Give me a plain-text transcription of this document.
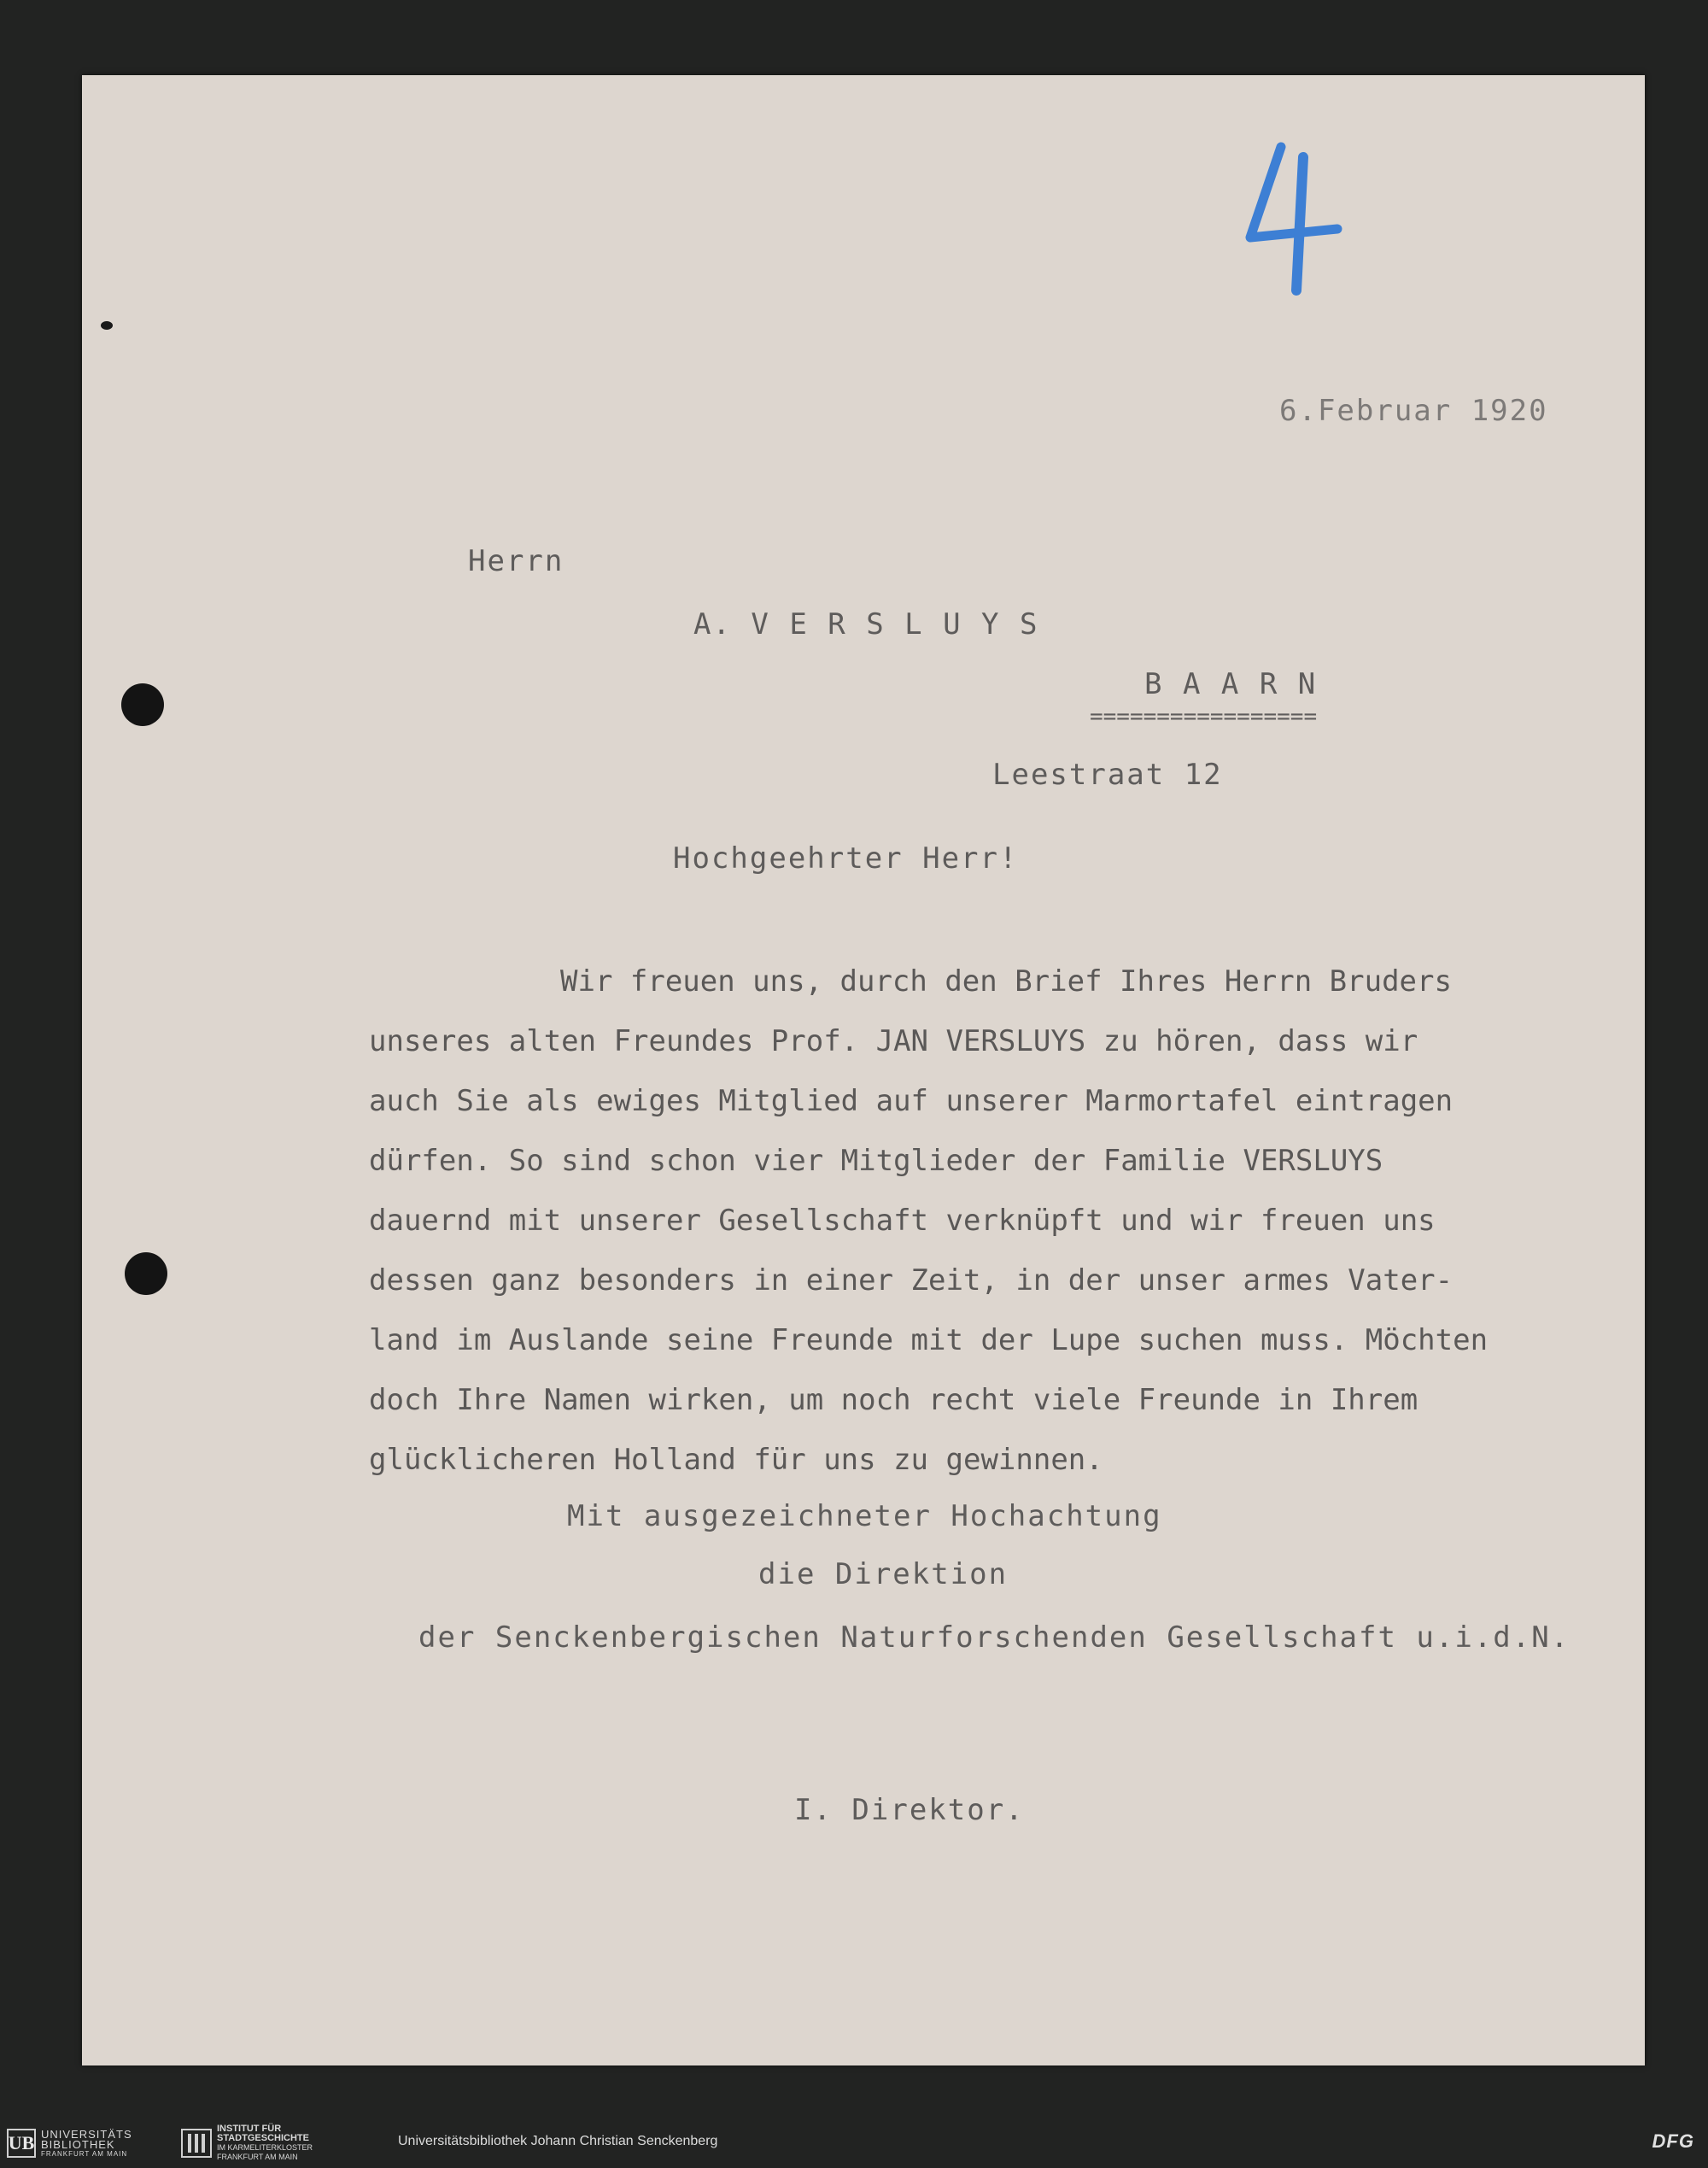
6.Februar 1920

Herrn

A. V E R S L U Y S

B A A R N

=================

Leestraat 12

Hochgeehrter Herr!

Wir freuen uns, durch den Brief Ihres Herrn Bruders

unseres alten Freundes Prof. JAN VERSLUYS zu hören, dass wir

auch Sie als ewiges Mitglied auf unserer Marmortafel eintragen

dürfen. So sind schon vier Mitglieder der Familie VERSLUYS

dauernd mit unserer Gesellschaft verknüpft und wir freuen uns

dessen ganz besonders in einer Zeit, in der unser armes Vater-

land im Auslande seine Freunde mit der Lupe suchen muss. Möchten

doch Ihre Namen wirken, um noch recht viele Freunde in Ihrem

glücklicheren Holland für uns zu gewinnen.

Mit ausgezeichneter Hochachtung

die Direktion

der Senckenbergischen Naturforschenden Gesellschaft u.i.d.N.

I. Direktor.

UB UNIVERSITÄTS
BIBLIOTHEK
FRANKFURT AM MAIN
INSTITUT FÜR
STADTGESCHICHTE
IM KARMELITERKLOSTER
FRANKFURT AM MAIN
Universitätsbibliothek Johann Christian Senckenberg	DFG
